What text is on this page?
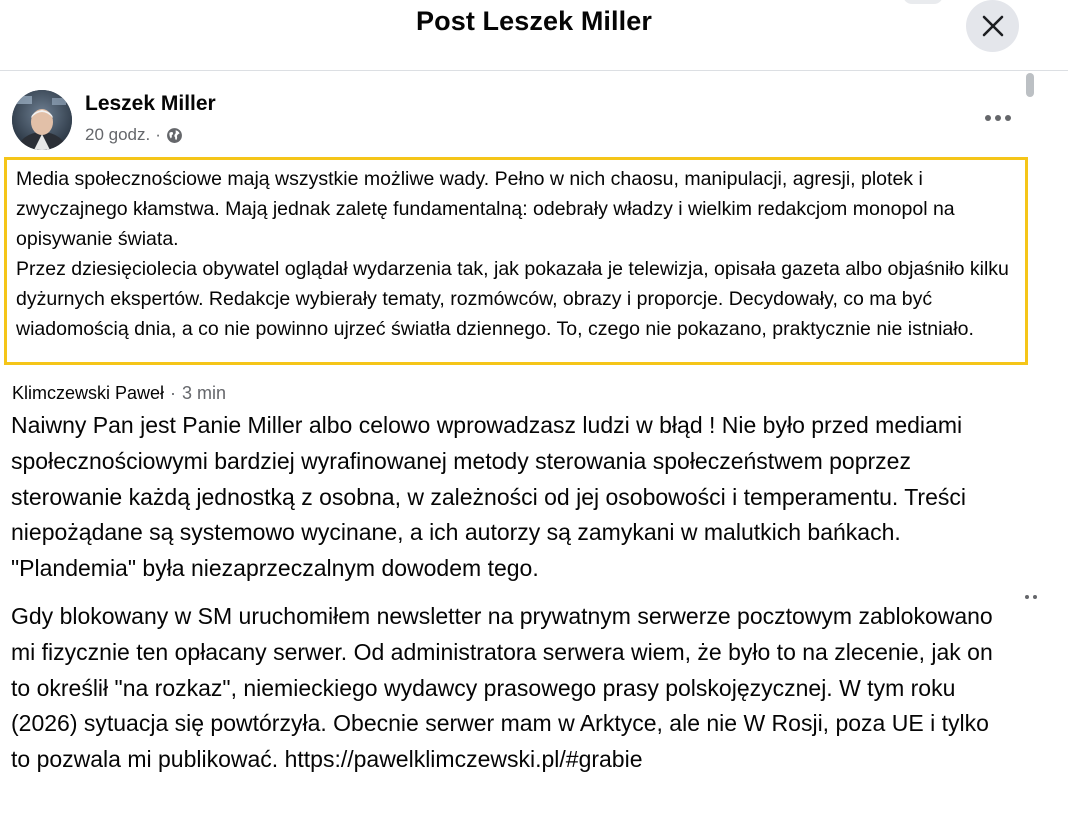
Post Leszek Miller
Leszek Miller
20 godz. ·

Media społecznościowe mają wszystkie możliwe wady. Pełno w nich chaosu, manipulacji, agresji, plotek i zwyczajnego kłamstwa. Mają jednak zaletę fundamentalną: odebrały władzy i wielkim redakcjom monopol na opisywanie świata.

Przez dziesięciolecia obywatel oglądał wydarzenia tak, jak pokazała je telewizja, opisała gazeta albo objaśniło kilku dyżurnych ekspertów. Redakcje wybierały tematy, rozmówców, obrazy i proporcje. Decydowały, co ma być wiadomością dnia, a co nie powinno ujrzeć światła dziennego. To, czego nie pokazano, praktycznie nie istniało.

Klimczewski Paweł · 3 min

Naiwny Pan jest Panie Miller albo celowo wprowadzasz ludzi w błąd ! Nie było przed mediami społecznościowymi bardziej wyrafinowanej metody sterowania społeczeństwem poprzez sterowanie każdą jednostką z osobna, w zależności od jej osobowości i temperamentu. Treści niepożądane są systemowo wycinane, a ich autorzy są zamykani w malutkich bańkach. "Plandemia" była niezaprzeczalnym dowodem tego.

Gdy blokowany w SM uruchomiłem newsletter na prywatnym serwerze pocztowym zablokowano mi fizycznie ten opłacany serwer. Od administratora serwera wiem, że było to na zlecenie, jak on to określił "na rozkaz", niemieckiego wydawcy prasowego prasy polskojęzycznej. W tym roku (2026) sytuacja się powtórzyła. Obecnie serwer mam w Arktyce, ale nie W Rosji, poza UE i tylko to pozwala mi publikować. https://pawelklimczewski.pl/#grabie
